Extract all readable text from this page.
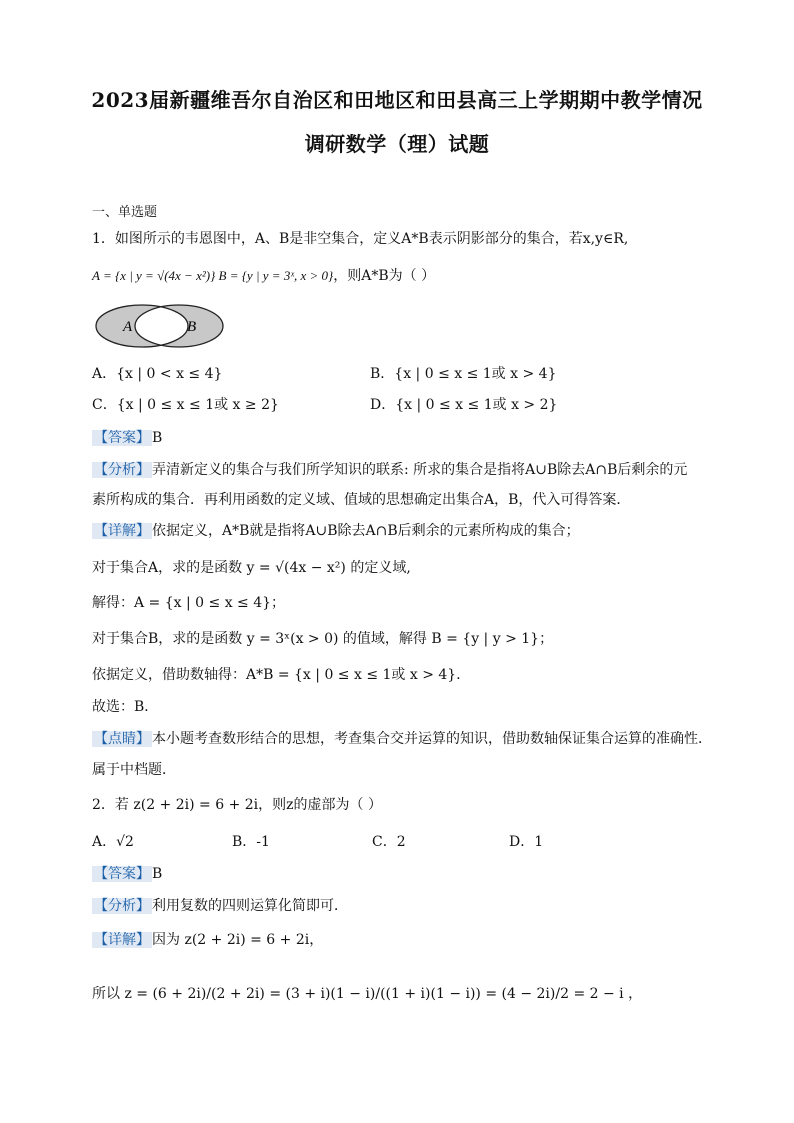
2023届新疆维吾尔自治区和田地区和田县高三上学期期中教学情况
调研数学（理）试题
一、单选题
1．如图所示的韦恩图中，A、B是非空集合，定义A*B表示阴影部分的集合，若x,y∈R,
A = {x | y = √(4x − x²)} B = {y | y = 3ˣ, x > 0}，则A*B为（ ）
A	B
A．{x | 0 < x ≤ 4}	B．{x | 0 ≤ x ≤ 1或 x > 4}
C．{x | 0 ≤ x ≤ 1或 x ≥ 2}	D．{x | 0 ≤ x ≤ 1或 x > 2}
【答案】 B
【分析】 弄清新定义的集合与我们所学知识的联系: 所求的集合是指将A∪B除去A∩B后剩余的元
素所构成的集合．再利用函数的定义域、值域的思想确定出集合A，B，代入可得答案．
【详解】 依据定义，A*B就是指将A∪B除去A∩B后剩余的元素所构成的集合；
对于集合A，求的是函数 y = √(4x − x²) 的定义域,
解得：A = {x | 0 ≤ x ≤ 4}；
对于集合B，求的是函数 y = 3ˣ(x > 0) 的值域，解得 B = {y | y > 1}；
依据定义，借助数轴得：A*B = {x | 0 ≤ x ≤ 1或 x > 4}．
故选：B．
【点睛】 本小题考查数形结合的思想，考查集合交并运算的知识，借助数轴保证集合运算的准确性．
属于中档题．
2．若 z(2 + 2i) = 6 + 2i，则z的虚部为（ ）
A．√2	B．-1	C．2	D．1
【答案】 B
【分析】 利用复数的四则运算化简即可．
【详解】 因为 z(2 + 2i) = 6 + 2i，
所以 z = (6 + 2i)/(2 + 2i) = (3 + i)(1 − i)/((1 + i)(1 − i)) = (4 − 2i)/2 = 2 − i ，
